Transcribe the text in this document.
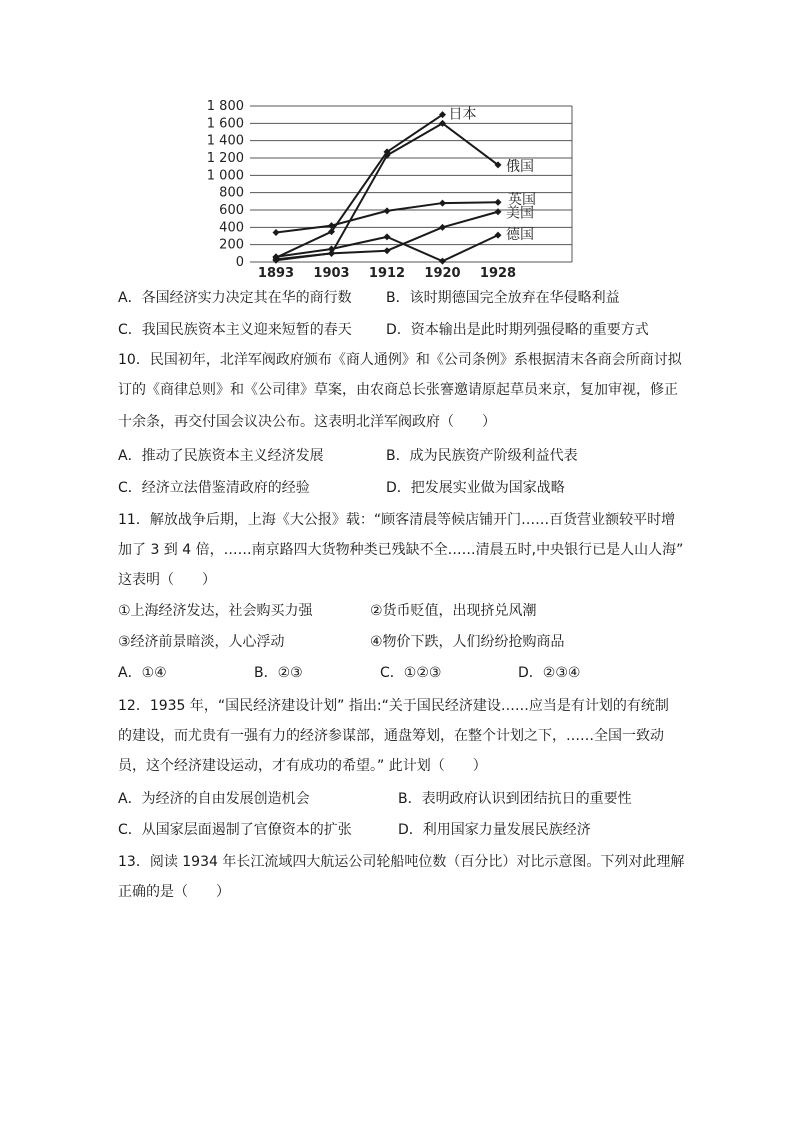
0
200
400
600
800
1 000
1 200
1 400
1 600
1 800
1893 1903 1912 1920 1928
日本
俄国
英国
美国
德国
A．各国经济实力决定其在华的商行数 B．该时期德国完全放弃在华侵略利益
C．我国民族资本主义迎来短暂的春天 D．资本输出是此时期列强侵略的重要方式
10．民国初年，北洋军阀政府颁布《商人通例》和《公司条例》系根据清末各商会所商讨拟
订的《商律总则》和《公司律》草案，由农商总长张謇邀请原起草员来京，复加审视，修正
十余条，再交付国会议决公布。这表明北洋军阀政府（　　）
A．推动了民族资本主义经济发展	B．成为民族资产阶级利益代表
C．经济立法借鉴清政府的经验	D．把发展实业做为国家战略
11．解放战争后期，上海《大公报》载：“顾客清晨等候店铺开门……百货营业额较平时增
加了 3 到 4 倍，……南京路四大货物种类已残缺不全……清晨五时,中央银行已是人山人海”
这表明（　　）
①上海经济发达，社会购买力强	②货币贬值，出现挤兑风潮
③经济前景暗淡，人心浮动	④物价下跌，人们纷纷抢购商品
A．①④	B．②③	C．①②③	D．②③④
12．1935 年，“国民经济建设计划” 指出:“关于国民经济建设……应当是有计划的有统制
的建设，而尤贵有一强有力的经济参谋部，通盘筹划，在整个计划之下，……全国一致动
员，这个经济建设运动，才有成功的希望。” 此计划（　　）
A．为经济的自由发展创造机会	B．表明政府认识到团结抗日的重要性
C．从国家层面遏制了官僚资本的扩张	D．利用国家力量发展民族经济
13．阅读 1934 年长江流域四大航运公司轮船吨位数（百分比）对比示意图。下列对此理解
正确的是（　　）
